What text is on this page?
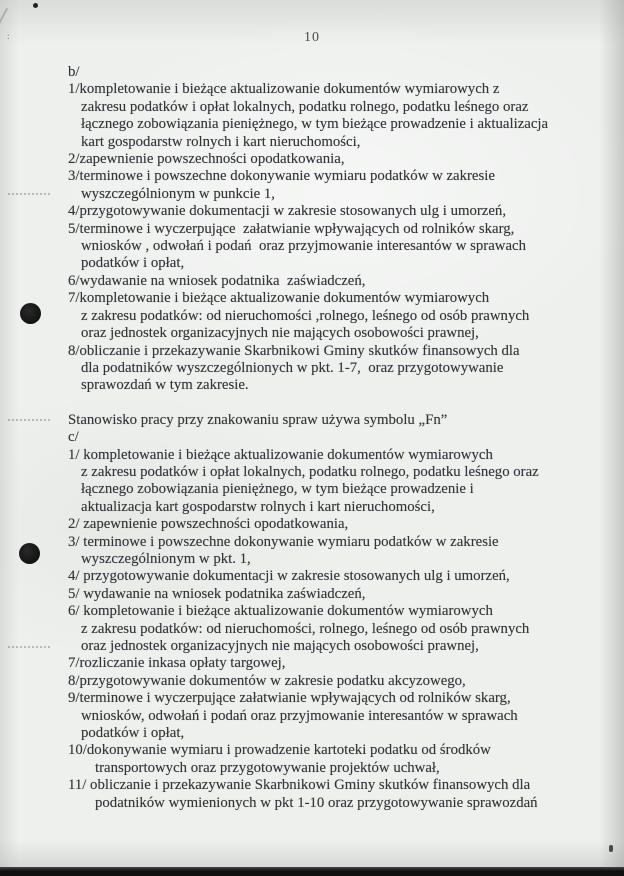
:	10
b/
1/kompletowanie i bieżące aktualizowanie dokumentów wymiarowych z
zakresu podatków i opłat lokalnych, podatku rolnego, podatku leśnego oraz
łącznego zobowiązania pieniężnego, w tym bieżące prowadzenie i aktualizacja
kart gospodarstw rolnych i kart nieruchomości,
2/zapewnienie powszechności opodatkowania,
3/terminowe i powszechne dokonywanie wymiaru podatków w zakresie
wyszczególnionym w punkcie 1,
4/przygotowywanie dokumentacji w zakresie stosowanych ulg i umorzeń,
5/terminowe i wyczerpujące  załatwianie wpływających od rolników skarg,
wniosków , odwołań i podań  oraz przyjmowanie interesantów w sprawach
podatków i opłat,
6/wydawanie na wniosek podatnika  zaświadczeń,
7/kompletowanie i bieżące aktualizowanie dokumentów wymiarowych
z zakresu podatków: od nieruchomości ,rolnego, leśnego od osób prawnych
oraz jednostek organizacyjnych nie mających osobowości prawnej,
8/obliczanie i przekazywanie Skarbnikowi Gminy skutków finansowych dla
dla podatników wyszczególnionych w pkt. 1-7,  oraz przygotowywanie
sprawozdań w tym zakresie.
Stanowisko pracy przy znakowaniu spraw używa symbolu „Fn”
c/
1/ kompletowanie i bieżące aktualizowanie dokumentów wymiarowych
z zakresu podatków i opłat lokalnych, podatku rolnego, podatku leśnego oraz
łącznego zobowiązania pieniężnego, w tym bieżące prowadzenie i
aktualizacja kart gospodarstw rolnych i kart nieruchomości,
2/ zapewnienie powszechności opodatkowania,
3/ terminowe i powszechne dokonywanie wymiaru podatków w zakresie
wyszczególnionym w pkt. 1,
4/ przygotowywanie dokumentacji w zakresie stosowanych ulg i umorzeń,
5/ wydawanie na wniosek podatnika zaświadczeń,
6/ kompletowanie i bieżące aktualizowanie dokumentów wymiarowych
z zakresu podatków: od nieruchomości, rolnego, leśnego od osób prawnych
oraz jednostek organizacyjnych nie mających osobowości prawnej,
7/rozliczanie inkasa opłaty targowej,
8/przygotowywanie dokumentów w zakresie podatku akcyzowego,
9/terminowe i wyczerpujące załatwianie wpływających od rolników skarg,
wniosków, odwołań i podań oraz przyjmowanie interesantów w sprawach
podatków i opłat,
10/dokonywanie wymiaru i prowadzenie kartoteki podatku od środków
transportowych oraz przygotowywanie projektów uchwał,
11/ obliczanie i przekazywanie Skarbnikowi Gminy skutków finansowych dla
podatników wymienionych w pkt 1-10 oraz przygotowywanie sprawozdań
